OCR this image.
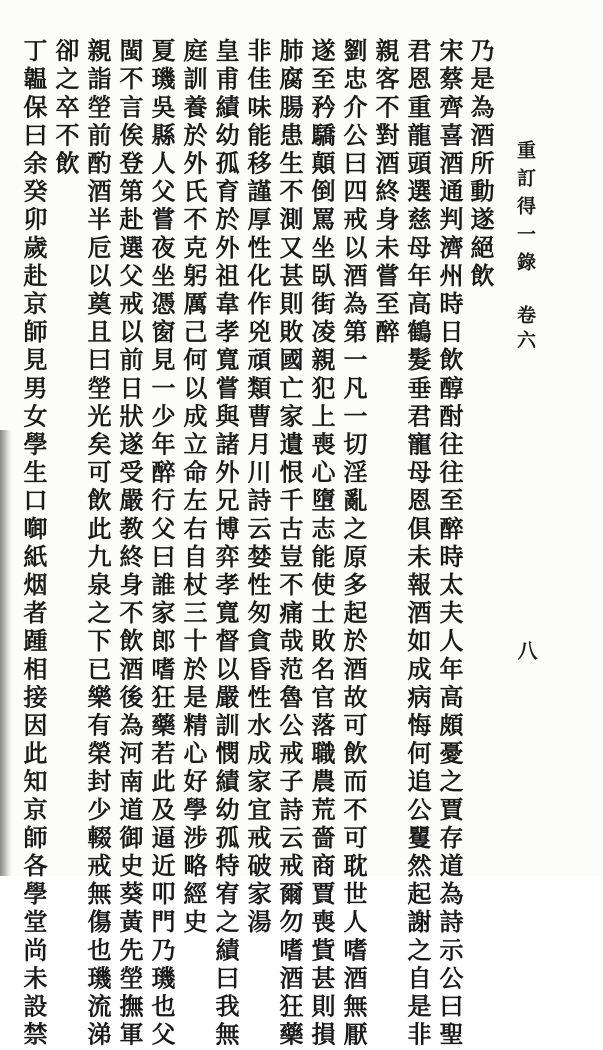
重訂得一錄
卷六
八
乃是為酒所動遂絕飲
宋蔡齊喜酒通判濟州時日飲醇酎往往至醉時太夫人年高頗憂之賈存道為詩示公曰聖
君恩重龍頭選慈母年高鶴髮垂君寵母恩俱未報酒如成病悔何追公矍然起謝之自是非
親客不對酒終身未嘗至醉
劉忠介公曰四戒以酒為第一凡一切淫亂之原多起於酒故可飲而不可耽世人嗜酒無厭
遂至矜驕顛倒罵坐臥街凌親犯上喪心墮志能使士敗名官落職農荒嗇商賈喪貲甚則損
肺腐腸患生不測又甚則敗國亡家遺恨千古豈不痛哉范魯公戒子詩云戒爾勿嗜酒狂藥
非佳味能移謹厚性化作兇頑類曹月川詩云婪性匆貪昏性水成家宜戒破家湯
皇甫績幼孤育於外祖韋孝寬嘗與諸外兄博弈孝寬督以嚴訓憫績幼孤特宥之績曰我無
庭訓養於外氏不克躬厲己何以成立命左右自杖三十於是精心好學涉略經史
夏璣吳縣人父嘗夜坐憑窗見一少年醉行父曰誰家郎嗜狂藥若此及逼近叩門乃璣也父
閩不言俟登第赴選父戒以前日狀遂受嚴教終身不飲酒後為河南道御史葵黃先塋撫軍
親詣塋前酌酒半卮以奠且曰塋光矣可飲此九泉之下已樂有榮封少輟戒無傷也璣流涕
卻之卒不飲
丁韞保曰余癸卯歲赴京師見男女學生口啣紙烟者踵相接因此知京師各學堂尚未設禁
